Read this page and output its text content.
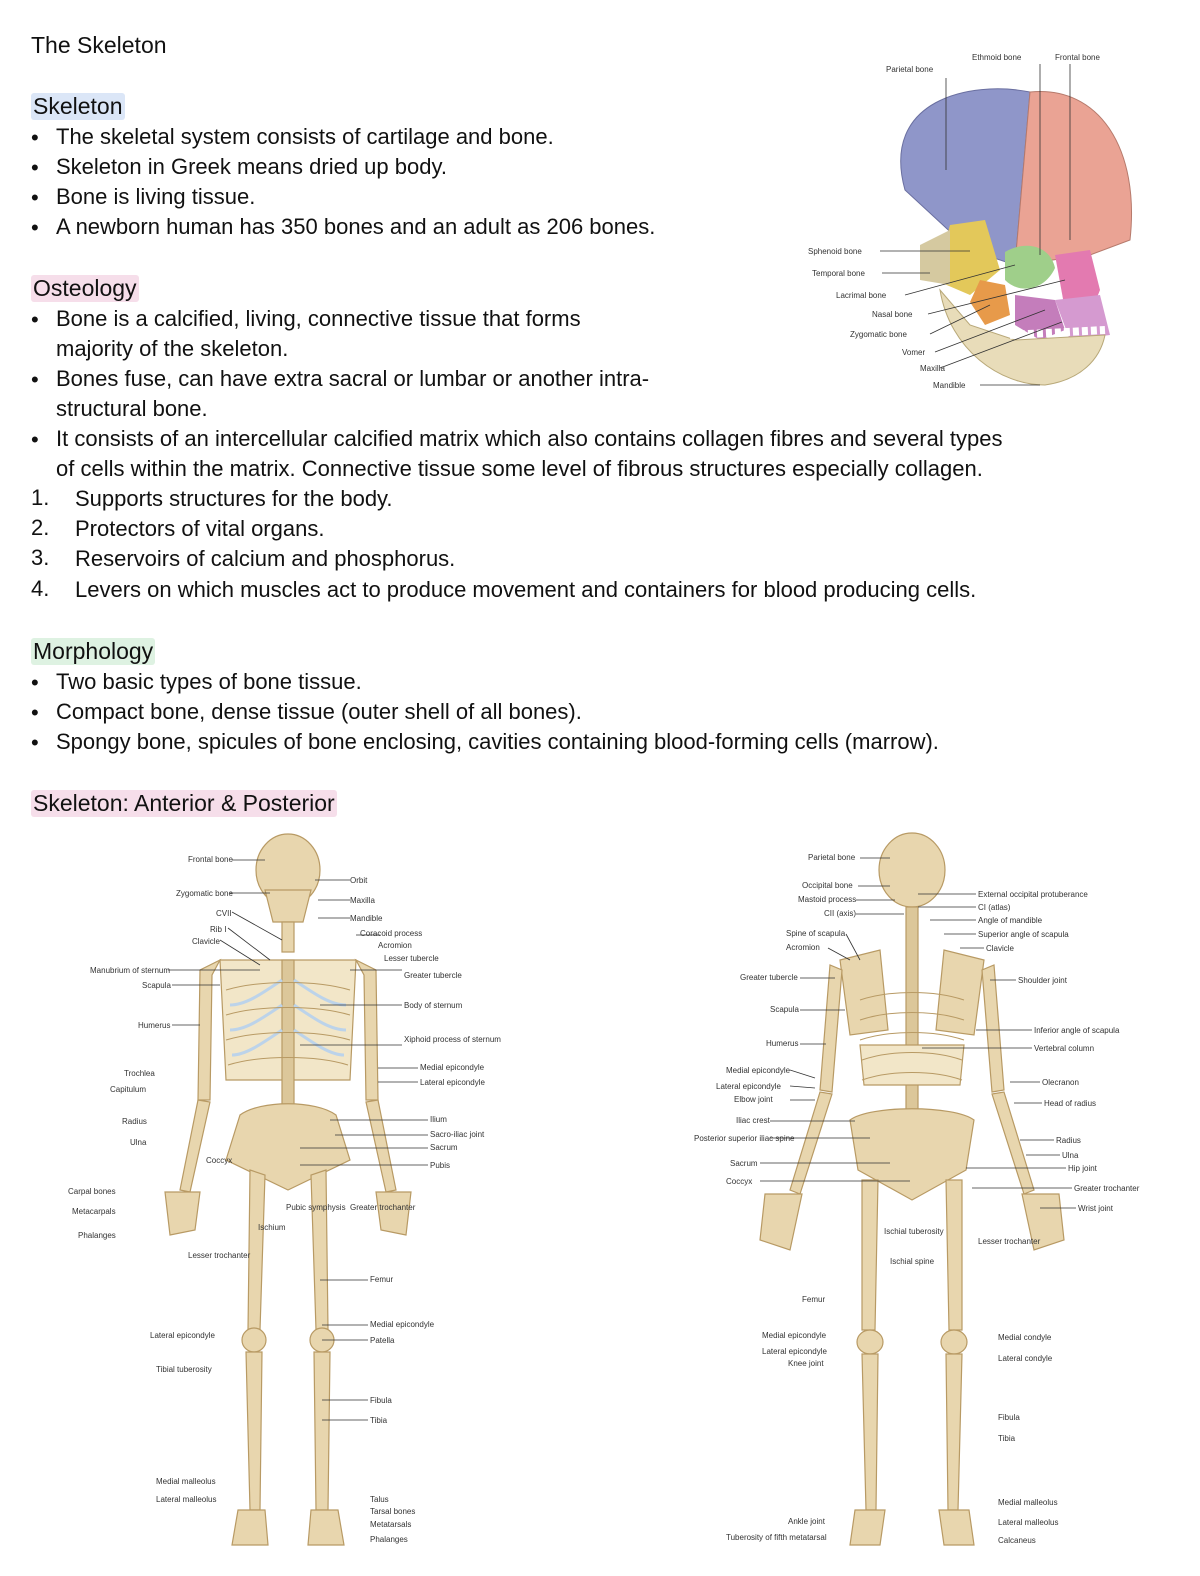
The Skeleton
Skeleton
• The skeletal system consists of cartilage and bone.
• Skeleton in Greek means dried up body.
• Bone is living tissue.
• A newborn human has 350 bones and an adult as 206 bones.
Osteology
• Bone is a calcified, living, connective tissue that forms
majority of the skeleton.
• Bones fuse, can have extra sacral or lumbar or another intra-
structural bone.
• It consists of an intercellular calcified matrix which also contains collagen fibres and several types
of cells within the matrix. Connective tissue some level of fibrous structures especially collagen.
1. Supports structures for the body.
2. Protectors of vital organs.
3. Reservoirs of calcium and phosphorus.
4. Levers on which muscles act to produce movement and containers for blood producing cells.
Morphology
• Two basic types of bone tissue.
• Compact bone, dense tissue (outer shell of all bones).
• Spongy bone, spicules of bone enclosing, cavities containing blood-forming cells (marrow).
Skeleton: Anterior & Posterior
Parietal bone
Ethmoid bone	Frontal bone
Sphenoid bone
Temporal bone
Lacrimal bone
Nasal bone
Zygomatic bone
Vomer
Maxilla
Mandible
Frontal bone
Zygomatic bone
CVII
Rib I
Clavicle
Manubrium of sternum
Scapula
Humerus
Trochlea
Capitulum
Radius
Ulna
Coccyx
Carpal bones
Metacarpals
Phalanges
Lesser trochanter
Ischium
Pubic symphysis Greater trochanter
Lateral epicondyle
Tibial tuberosity
Medial malleolus
Lateral malleolus
Orbit
Maxilla
Mandible
Coracoid process
Acromion
Lesser tubercle
Greater tubercle
Body of sternum
Xiphoid process of sternum
Medial epicondyle
Lateral epicondyle
Ilium
Sacro-iliac joint
Sacrum
Pubis
Femur
Medial epicondyle
Patella
Fibula
Tibia
Talus
Tarsal bones
Metatarsals
Phalanges
Parietal bone
Occipital bone
Mastoid process
CII (axis)
Spine of scapula
Acromion
Greater tubercle
Scapula
Humerus
Medial epicondyle
Lateral epicondyle
Elbow joint
Iliac crest
Posterior superior iliac spine
Sacrum
Coccyx
Ischial tuberosity
Ischial spine
Lesser trochanter
Femur
Medial epicondyle
Lateral epicondyle
Knee joint
Ankle joint
Tuberosity of fifth metatarsal
External occipital protuberance
CI (atlas)
Angle of mandible
Superior angle of scapula
Clavicle
Shoulder joint
Inferior angle of scapula
Vertebral column
Olecranon
Head of radius
Radius
Ulna
Hip joint
Greater trochanter
Wrist joint
Medial condyle
Lateral condyle
Fibula
Tibia
Medial malleolus
Lateral malleolus
Calcaneus
